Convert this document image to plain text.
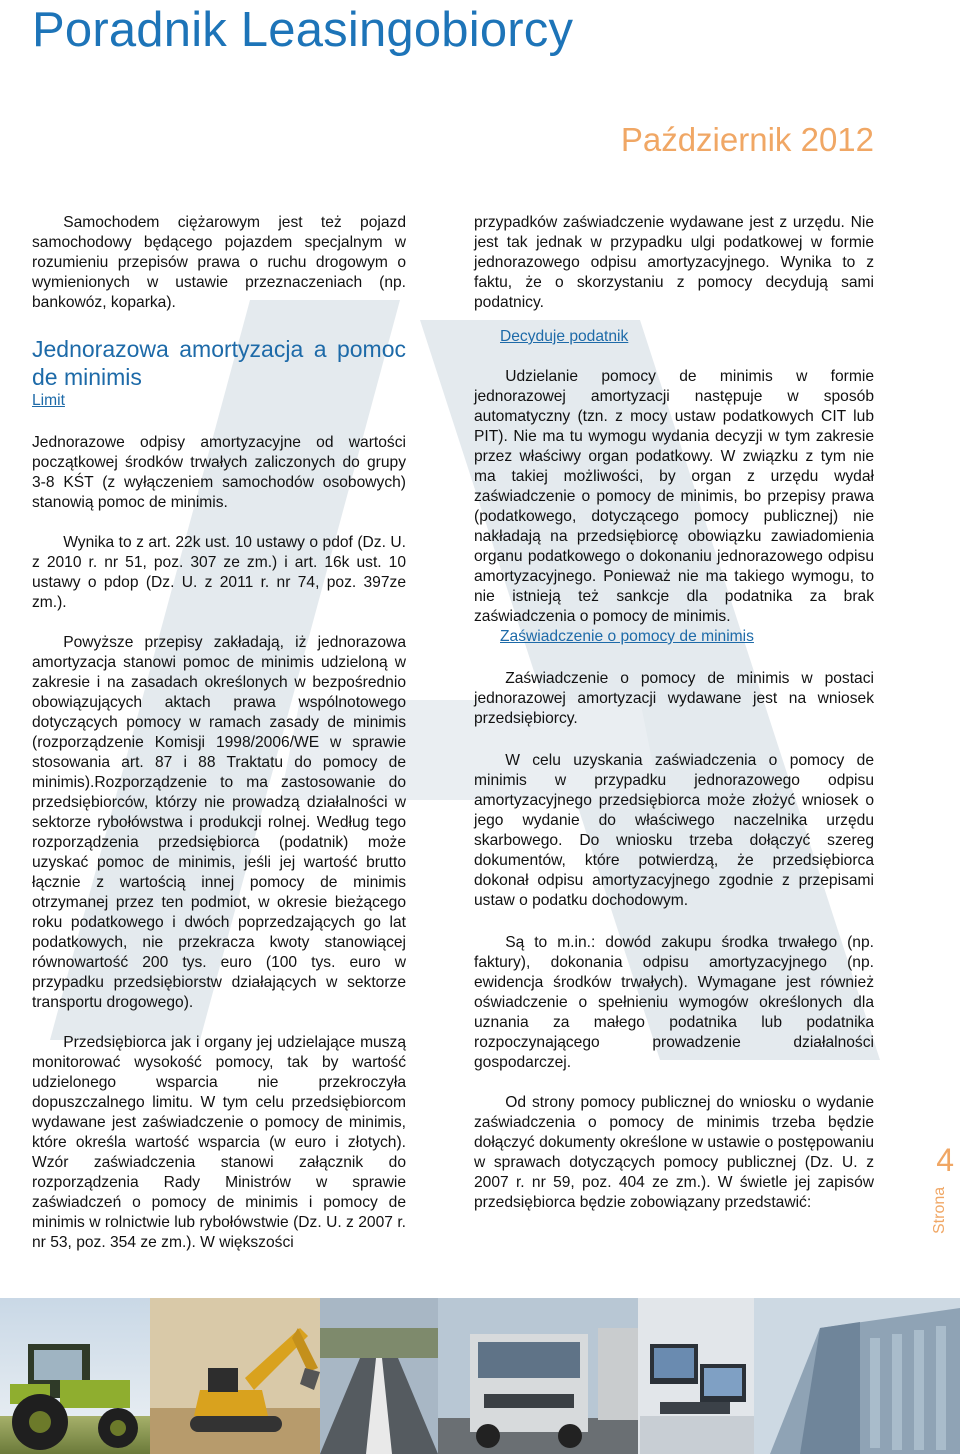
Poradnik Leasingobiorcy
Październik 2012

Samochodem ciężarowym jest też pojazd samochodowy będącego pojazdem specjalnym w rozumieniu przepisów prawa o ruchu drogowym o wymienionych w ustawie przeznaczeniach (np. bankowóz, koparka).

Jednorazowa amortyzacja a pomoc de minimis

Limit

Jednorazowe odpisy amortyzacyjne od wartości początkowej środków trwałych zaliczonych do grupy 3-8 KŚT (z wyłączeniem samochodów osobowych) stanowią pomoc de minimis.

Wynika to z art. 22k ust. 10 ustawy o pdof (Dz. U. z 2010 r. nr 51, poz. 307 ze zm.) i art. 16k ust. 10 ustawy o pdop (Dz. U. z 2011 r. nr 74, poz. 397ze zm.).

Powyższe przepisy zakładają, iż jednorazowa amortyzacja stanowi pomoc de minimis udzieloną w zakresie i na zasadach określonych w bezpośrednio obowiązujących aktach prawa wspólnotowego dotyczących pomocy w ramach zasady de minimis (rozporządzenie Komisji 1998/2006/WE w sprawie stosowania art. 87 i 88 Traktatu do pomocy de minimis).Rozporządzenie to ma zastosowanie do przedsiębiorców, którzy nie prowadzą działalności w sektorze rybołówstwa i produkcji rolnej. Według tego rozporządzenia przedsiębiorca (podatnik) może uzyskać pomoc de minimis, jeśli jej wartość brutto łącznie z wartością innej pomocy de minimis otrzymanej przez ten podmiot, w okresie bieżącego roku podatkowego i dwóch poprzedzających go lat podatkowych, nie przekracza kwoty stanowiącej równowartość 200 tys. euro (100 tys. euro w przypadku przedsiębiorstw działających w sektorze transportu drogowego).

Przedsiębiorca jak i organy jej udzielające muszą monitorować wysokość pomocy, tak by wartość udzielonego wsparcia nie przekroczyła dopuszczalnego limitu. W tym celu przedsiębiorcom wydawane jest zaświadczenie o pomocy de minimis, które określa wartość wsparcia (w euro i złotych). Wzór zaświadczenia stanowi załącznik do rozporządzenia Rady Ministrów w sprawie zaświadczeń o pomocy de minimis i pomocy de minimis w rolnictwie lub rybołówstwie (Dz. U. z 2007 r. nr 53, poz. 354 ze zm.). W większości

przypadków zaświadczenie wydawane jest z urzędu. Nie jest tak jednak w przypadku ulgi podatkowej w formie jednorazowego odpisu amortyzacyjnego. Wynika to z faktu, że o skorzystaniu z pomocy decydują sami podatnicy.

Decyduje podatnik

Udzielanie pomocy de minimis w formie jednorazowej amortyzacji następuje w sposób automatyczny (tzn. z mocy ustaw podatkowych CIT lub PIT). Nie ma tu wymogu wydania decyzji w tym zakresie przez właściwy organ podatkowy. W związku z tym nie ma takiej możliwości, by organ z urzędu wydał zaświadczenie o pomocy de minimis, bo przepisy prawa (podatkowego, dotyczącego pomocy publicznej) nie nakładają na przedsiębiorcę obowiązku zawiadomienia organu podatkowego o dokonaniu jednorazowego odpisu amortyzacyjnego. Ponieważ nie ma takiego wymogu, to nie istnieją też sankcje dla podatnika za brak zaświadczenia o pomocy de minimis.

Zaświadczenie o pomocy de minimis

Zaświadczenie o pomocy de minimis w postaci jednorazowej amortyzacji wydawane jest na wniosek przedsiębiorcy.

W celu uzyskania zaświadczenia o pomocy de minimis w przypadku jednorazowego odpisu amortyzacyjnego przedsiębiorca może złożyć wniosek o jego wydanie do właściwego naczelnika urzędu skarbowego. Do wniosku trzeba dołączyć szereg dokumentów, które potwierdzą, że przedsiębiorca dokonał odpisu amortyzacyjnego zgodnie z przepisami ustaw o podatku dochodowym.

Są to m.in.: dowód zakupu środka trwałego (np. faktury), dokonania odpisu amortyzacyjnego (np. ewidencja środków trwałych). Wymagane jest również oświadczenie o spełnieniu wymogów określonych dla uznania za małego podatnika lub podatnika rozpoczynającego prowadzenie działalności gospodarczej.

Od strony pomocy publicznej do wniosku o wydanie zaświadczenia o pomocy de minimis trzeba będzie dołączyć dokumenty określone w ustawie o postępowaniu w sprawach dotyczących pomocy publicznej (Dz. U. z 2007 r. nr 59, poz. 404 ze zm.). W świetle jej zapisów przedsiębiorca będzie zobowiązany przedstawić:

4
Strona
